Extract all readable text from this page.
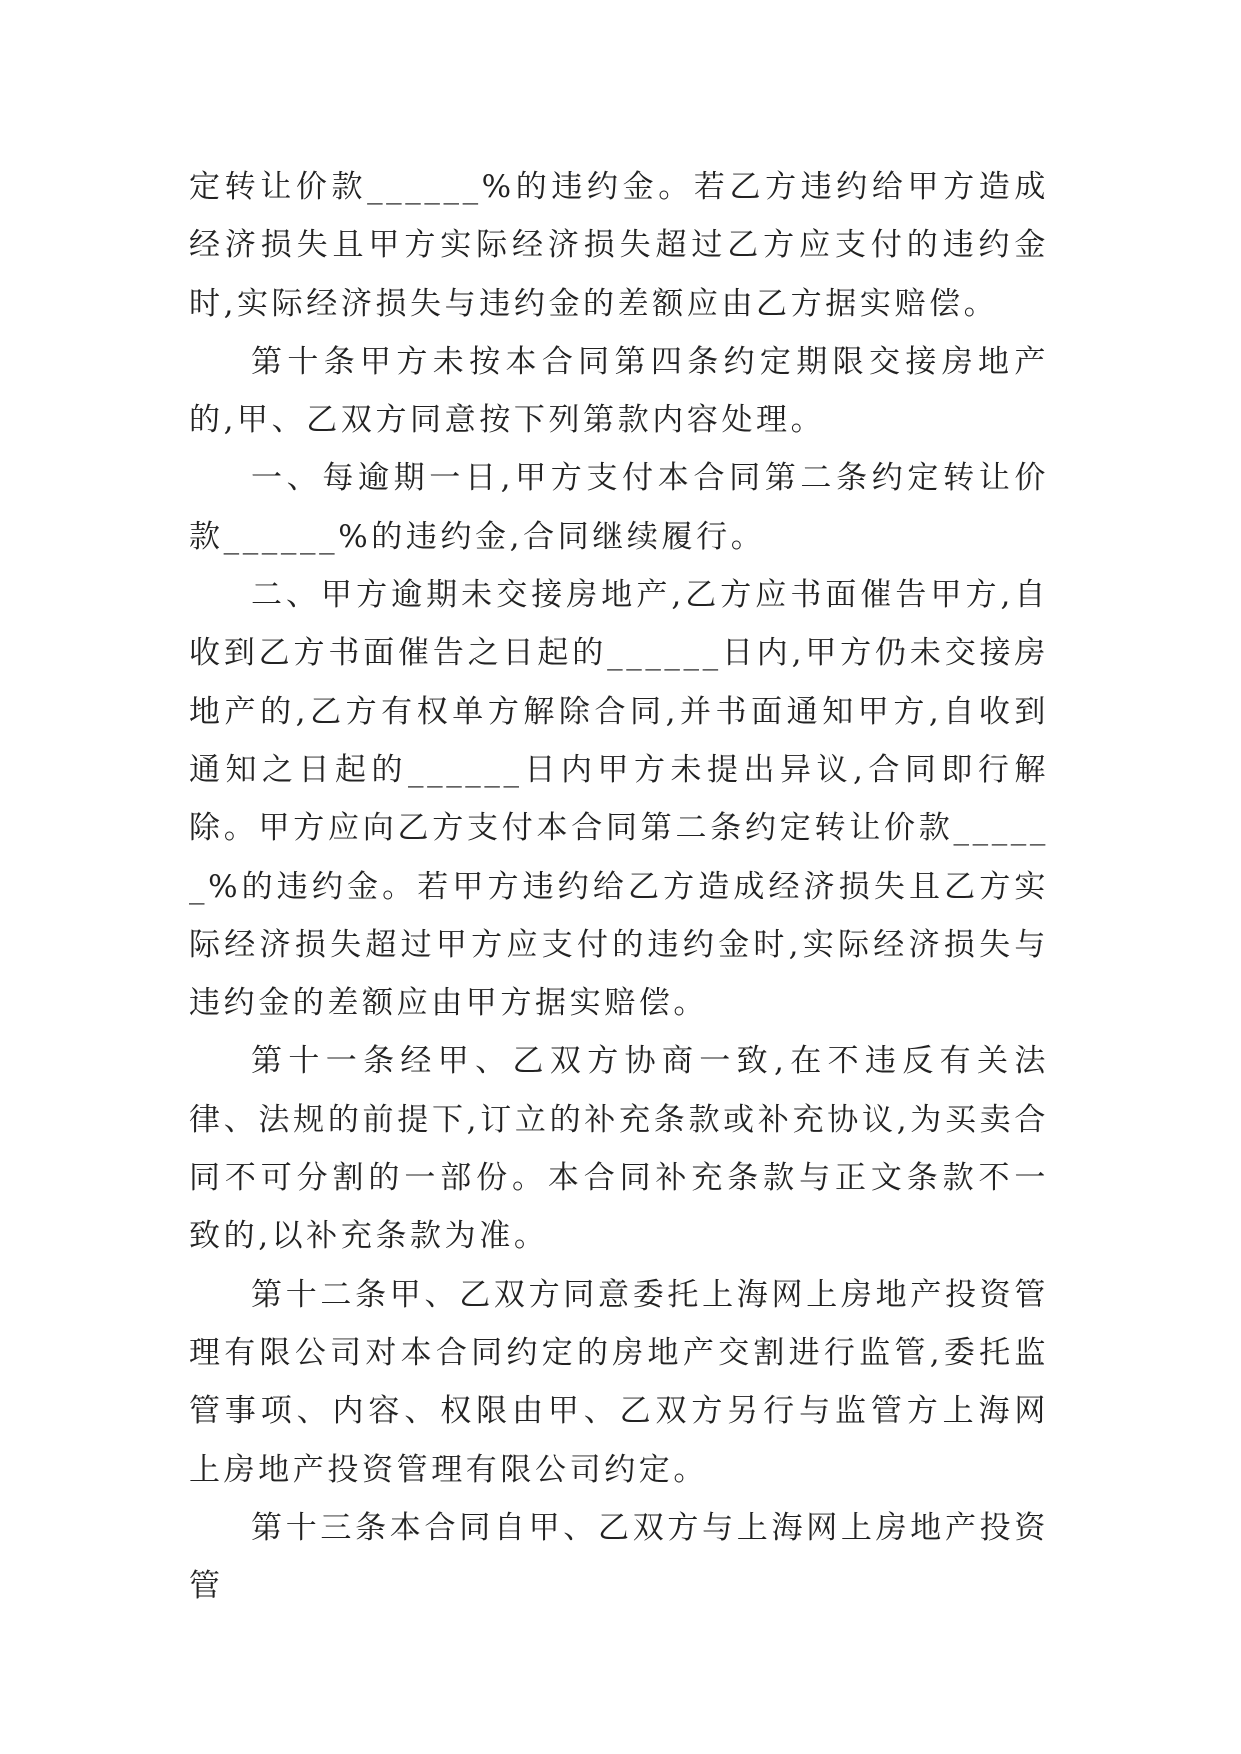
定转让价款______%的违约金。若乙方违约给甲方造成经济损失且甲方实际经济损失超过乙方应支付的违约金时,实际经济损失与违约金的差额应由乙方据实赔偿。

第十条甲方未按本合同第四条约定期限交接房地产的,甲、乙双方同意按下列第款内容处理。

一、每逾期一日,甲方支付本合同第二条约定转让价款______%的违约金,合同继续履行。

二、甲方逾期未交接房地产,乙方应书面催告甲方,自收到乙方书面催告之日起的______日内,甲方仍未交接房地产的,乙方有权单方解除合同,并书面通知甲方,自收到通知之日起的______日内甲方未提出异议,合同即行解除。甲方应向乙方支付本合同第二条约定转让价款______%的违约金。若甲方违约给乙方造成经济损失且乙方实际经济损失超过甲方应支付的违约金时,实际经济损失与违约金的差额应由甲方据实赔偿。

第十一条经甲、乙双方协商一致,在不违反有关法律、法规的前提下,订立的补充条款或补充协议,为买卖合同不可分割的一部份。本合同补充条款与正文条款不一致的,以补充条款为准。

第十二条甲、乙双方同意委托上海网上房地产投资管理有限公司对本合同约定的房地产交割进行监管,委托监管事项、内容、权限由甲、乙双方另行与监管方上海网上房地产投资管理有限公司约定。

第十三条本合同自甲、乙双方与上海网上房地产投资管
